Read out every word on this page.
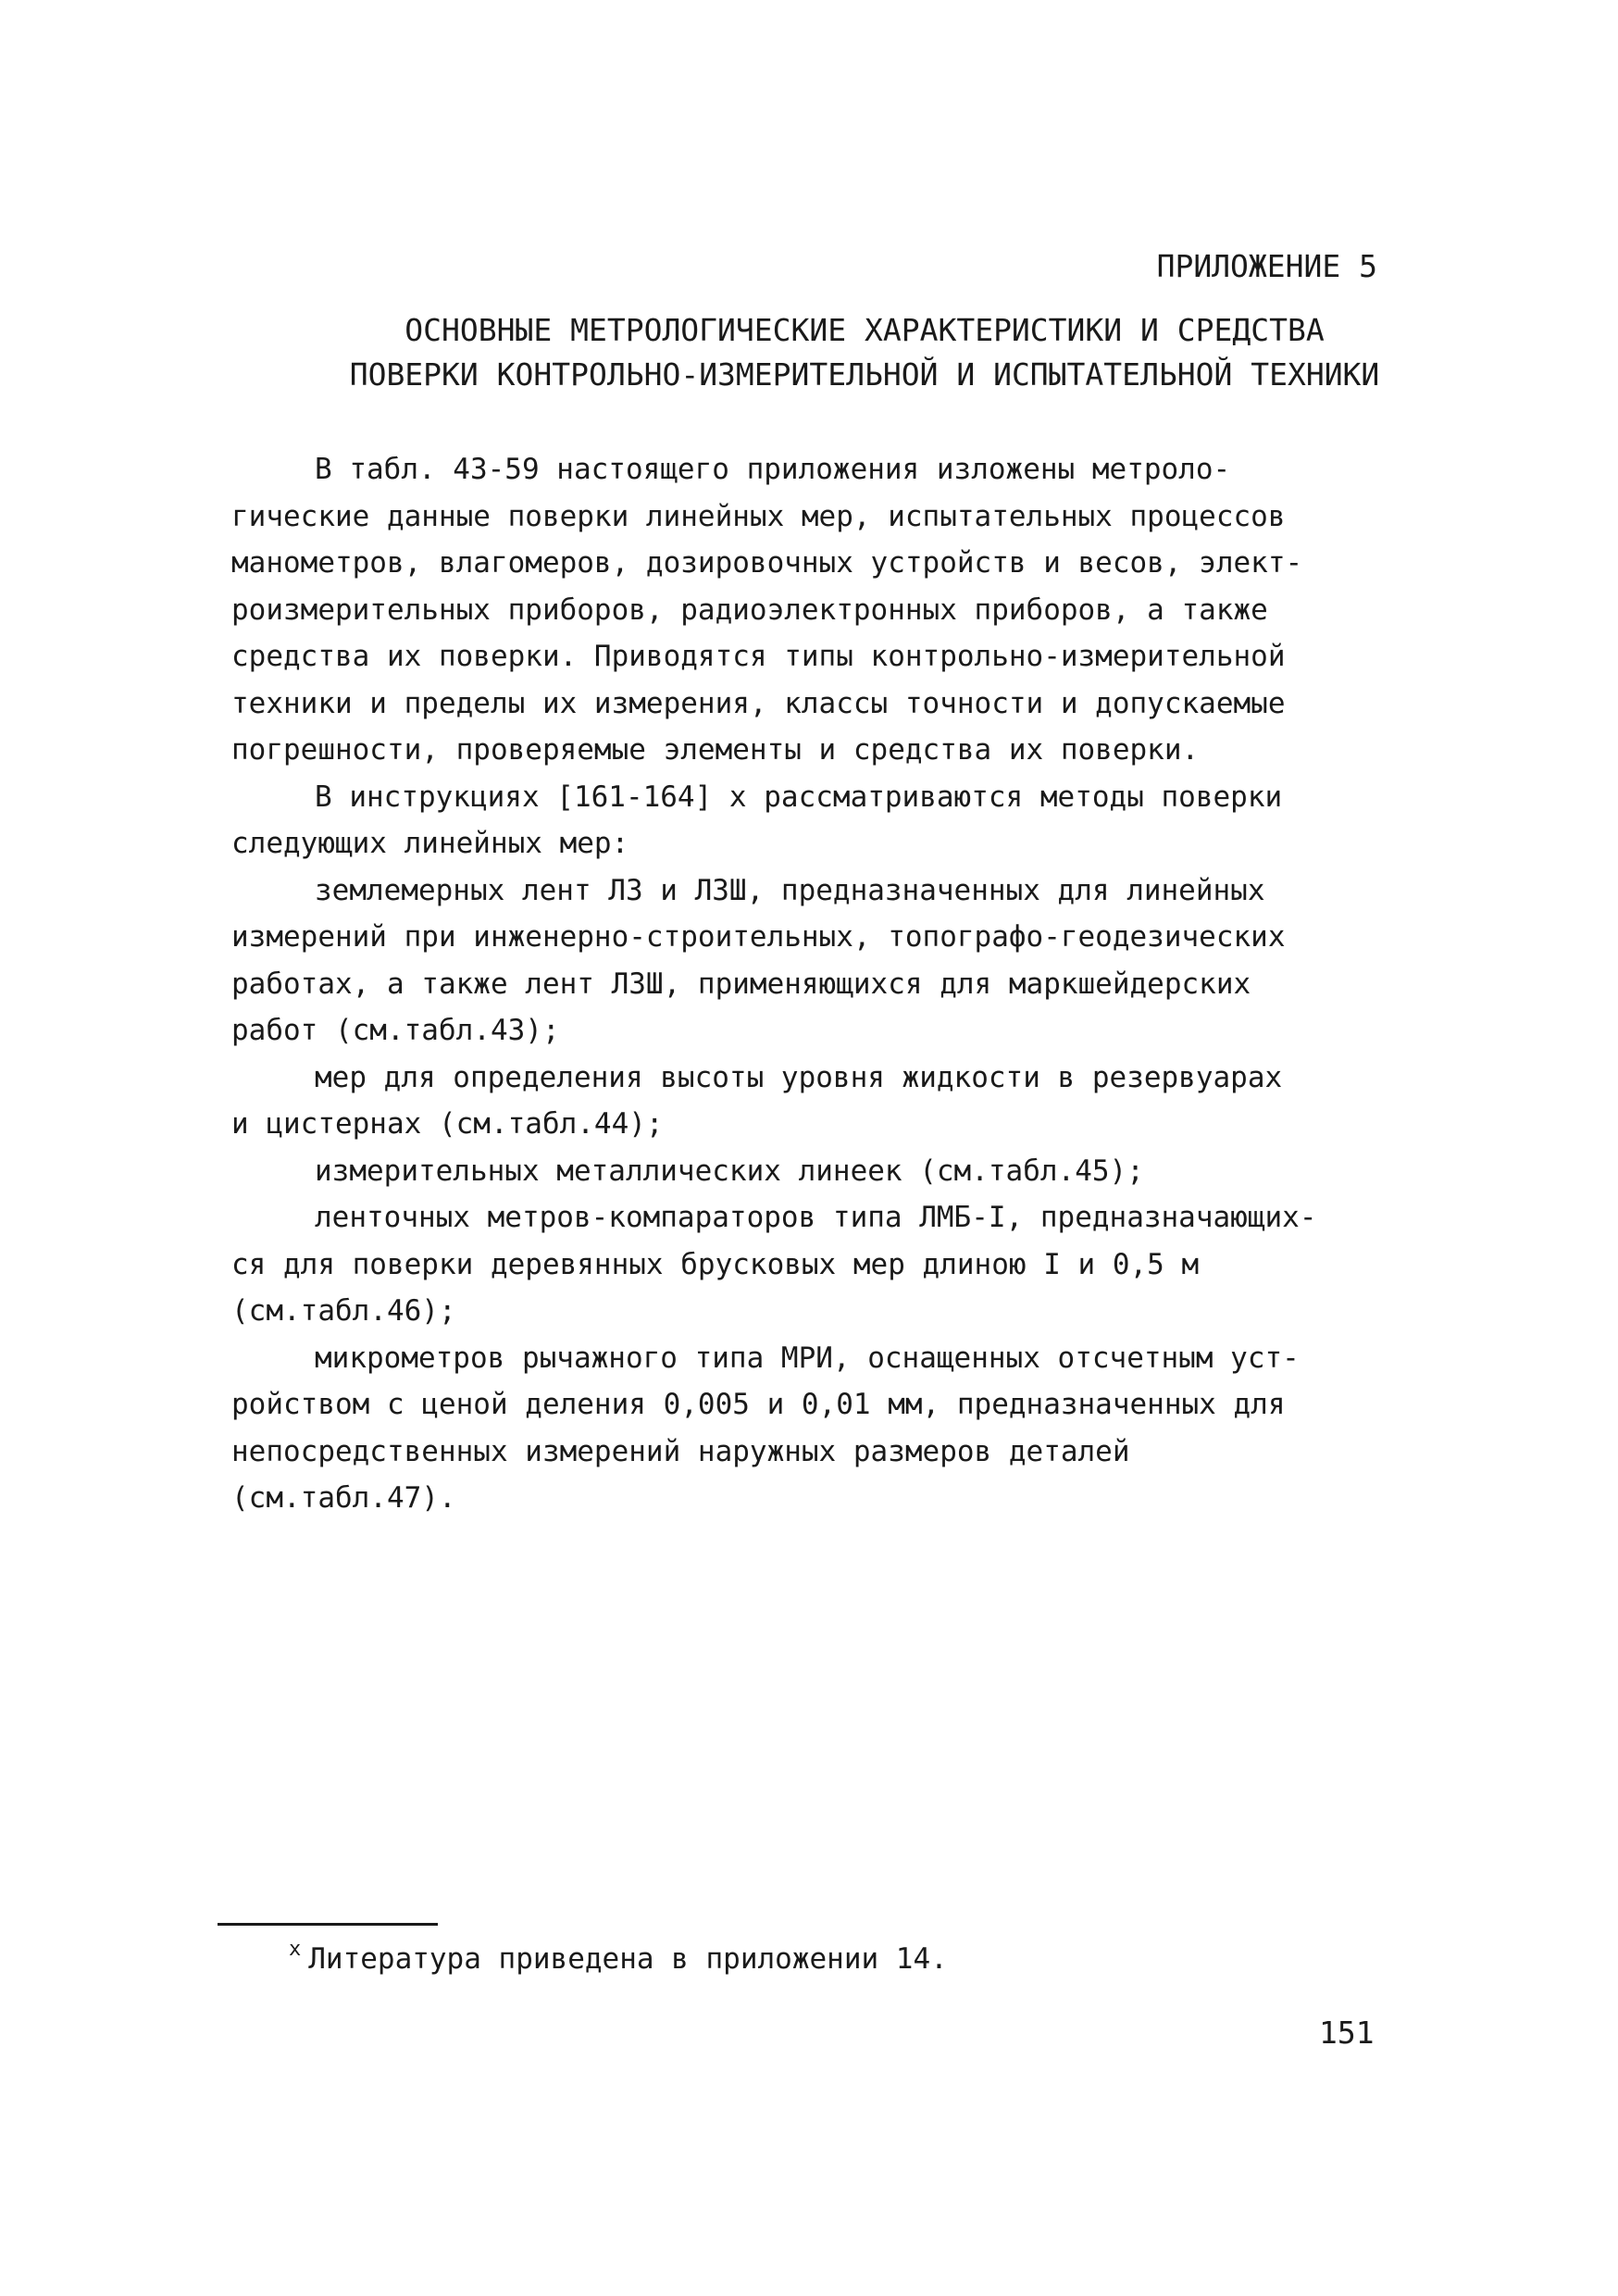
ПРИЛОЖЕНИЕ 5
ОСНОВНЫЕ МЕТРОЛОГИЧЕСКИЕ ХАРАКТЕРИСТИКИ И СРЕДСТВА
ПОВЕРКИ КОНТРОЛЬНО-ИЗМЕРИТЕЛЬНОЙ И ИСПЫТАТЕЛЬНОЙ ТЕХНИКИ
В табл. 43-59 настоящего приложения изложены метроло-
гические данные поверки линейных мер, испытательных процессов
манометров, влагомеров, дозировочных устройств и весов, элект-
роизмерительных приборов, радиоэлектронных приборов, а также
средства их поверки. Приводятся типы контрольно-измерительной
техники и пределы их измерения, классы точности и допускаемые
погрешности, проверяемые элементы и средства их поверки.
В инструкциях [161-164] x рассматриваются методы поверки
следующих линейных мер:
землемерных лент ЛЗ и ЛЗШ, предназначенных для линейных
измерений при инженерно-строительных, топографо-геодезических
работах, а также лент ЛЗШ, применяющихся для маркшейдерских
работ (см.табл.43);
мер для определения высоты уровня жидкости в резервуарах
и цистернах (см.табл.44);
измерительных металлических линеек (см.табл.45);
ленточных метров-компараторов типа ЛМБ-I, предназначающих-
ся для поверки деревянных брусковых мер длиною I и 0,5 м
(см.табл.46);
микрометров рычажного типа МРИ, оснащенных отсчетным уст-
ройством с ценой деления 0,005 и 0,01 мм, предназначенных для
непосредственных измерений наружных размеров деталей
(см.табл.47).
$^x$ Литература приведена в приложении 14.
151
